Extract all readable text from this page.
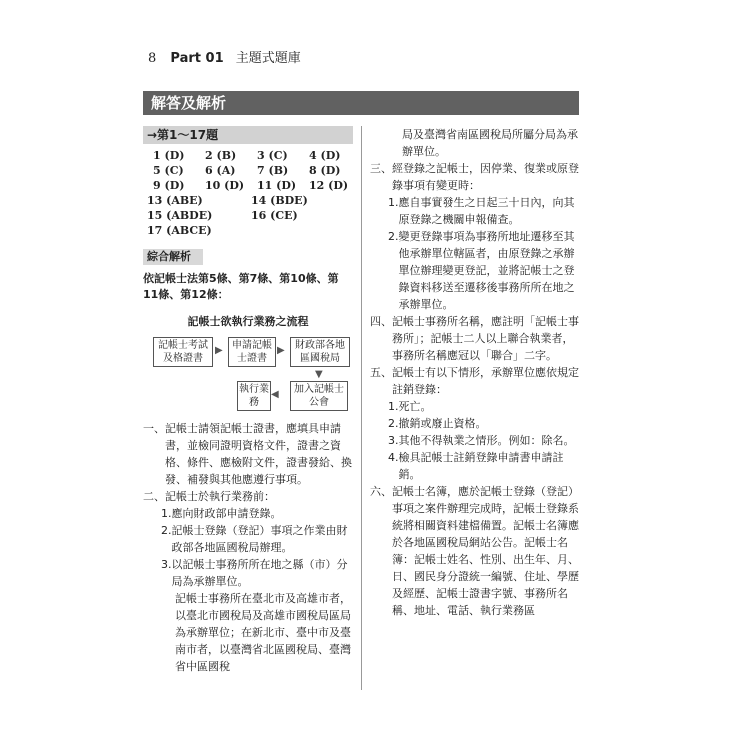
8 Part 01 主題式題庫
解答及解析
→第1～17題
1 (D)	2 (B)	3 (C)	4 (D)
5 (C)	6 (A)	7 (B)	8 (D)
9 (D)	10 (D)	11 (D)	12 (D)
13 (ABE)	14 (BDE)
15 (ABDE)	16 (CE)
17 (ABCE)
綜合解析
依記帳士法第5條、第7條、第10條、第11條、第12條：
記帳士欲執行業務之流程
記帳士考試及格證書
▶ 申請記帳士證書
▶	財政部各地區國稅局
▼
加入記帳士公會
◀
執行業務
一、 記帳士請領記帳士證書，應填具申請書，並檢同證明資格文件，證書之資格、條件、應檢附文件，證書發給、換發、補發與其他應遵行事項。
二、 記帳士於執行業務前：
1. 應向財政部申請登錄。
2. 記帳士登錄（登記）事項之作業由財政部各地區國稅局辦理。
3. 以記帳士事務所所在地之縣（市）分局為承辦單位。
記帳士事務所在臺北市及高雄市者，以臺北市國稅局及高雄市國稅局區局為承辦單位；在新北市、臺中市及臺南市者，以臺灣省北區國稅局、臺灣省中區國稅
局及臺灣省南區國稅局所屬分局為承辦單位。
三、 經登錄之記帳士，因停業、復業或原登錄事項有變更時：
1. 應自事實發生之日起三十日內，向其原登錄之機關申報備查。
2. 變更登錄事項為事務所地址遷移至其他承辦單位轄區者，由原登錄之承辦單位辦理變更登記，並將記帳士之登錄資料移送至遷移後事務所所在地之承辦單位。
四、 記帳士事務所名稱，應註明「記帳士事務所」；記帳士二人以上聯合執業者，事務所名稱應冠以「聯合」二字。
五、 記帳士有以下情形，承辦單位應依規定註銷登錄：
1. 死亡。
2. 撤銷或廢止資格。
3. 其他不得執業之情形。例如：除名。
4. 檢具記帳士註銷登錄申請書申請註銷。
六、 記帳士名簿，應於記帳士登錄（登記）事項之案件辦理完成時，記帳士登錄系統將相關資料建檔備置。記帳士名簿應於各地區國稅局網站公告。記帳士名簿：記帳士姓名、性別、出生年、月、日、國民身分證統一編號、住址、學歷及經歷、記帳士證書字號、事務所名稱、地址、電話、執行業務區
